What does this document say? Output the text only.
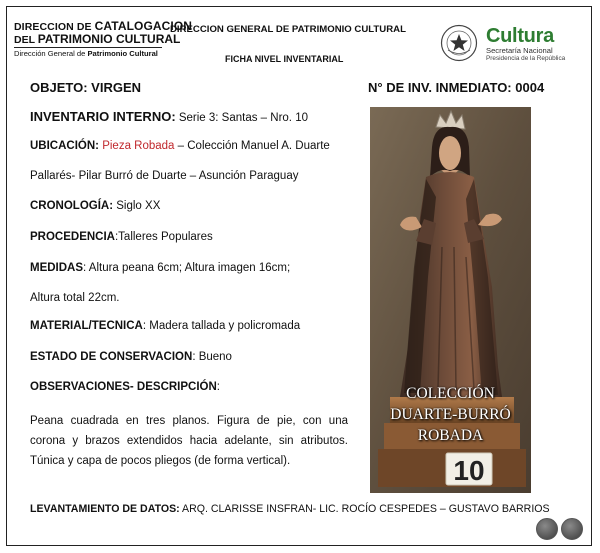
DIRECCION DE CATALOGACION
DEL PATRIMONIO CULTURAL
Dirección General de Patrimonio Cultural
DIRECCION GENERAL DE PATRIMONIO CULTURAL
FICHA NIVEL INVENTARIAL
Cultura
Secretaría Nacional
Presidencia de la República
OBJETO: VIRGEN	N° DE INV. INMEDIATO: 0004
INVENTARIO INTERNO: Serie 3: Santas – Nro. 10
UBICACIÓN: Pieza Robada – Colección Manuel A. Duarte
Pallarés- Pilar Burró de Duarte – Asunción Paraguay
CRONOLOGÍA: Siglo XX
PROCEDENCIA:Talleres Populares
MEDIDAS: Altura peana 6cm; Altura imagen 16cm;
Altura total 22cm.
MATERIAL/TECNICA: Madera tallada y policromada
ESTADO DE CONSERVACION: Bueno
OBSERVACIONES- DESCRIPCIÓN:
Peana cuadrada en tres planos. Figura de pie, con una corona y brazos extendidos hacia adelante, sin atributos. Túnica y capa de pocos pliegos (de forma vertical).	10
COLECCIÓN
DUARTE-BURRÓ
ROBADA
LEVANTAMIENTO DE DATOS: ARQ. CLARISSE INSFRAN- LIC. ROCÍO CESPEDES – GUSTAVO BARRIOS
